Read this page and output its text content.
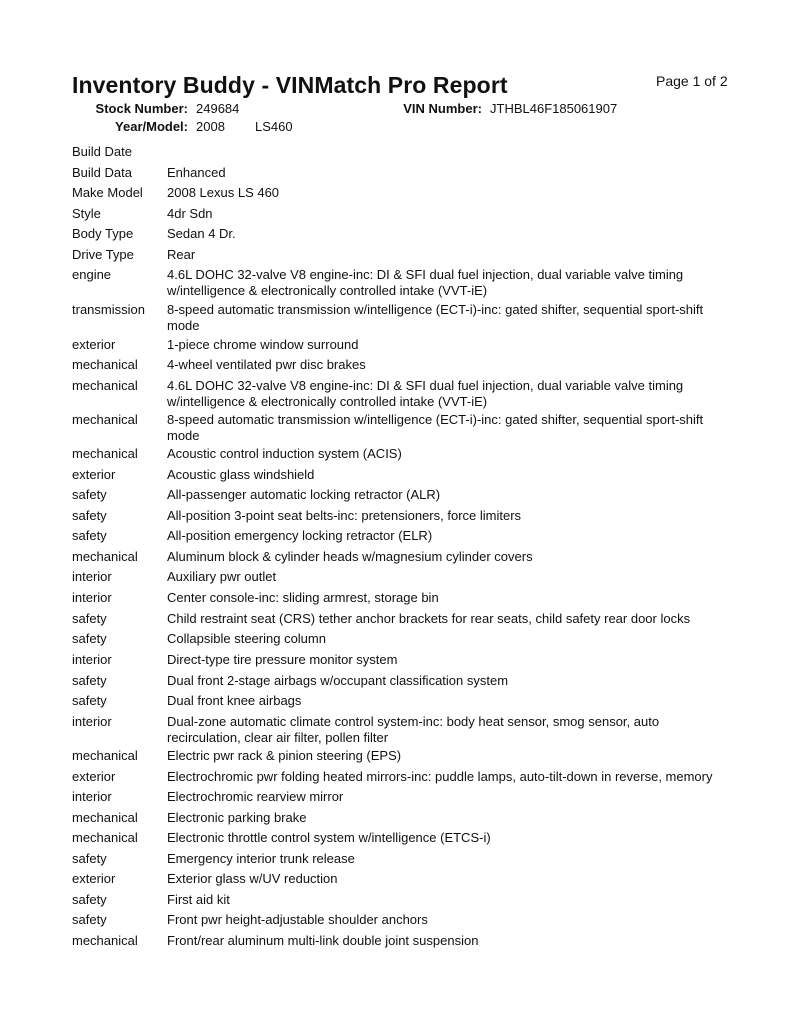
Inventory Buddy - VINMatch Pro Report	Page 1 of 2
Stock Number: 249684	VIN Number: JTHBL46F185061907
Year/Model: 2008 LS460
Build Date
Build Data	Enhanced
Make Model	2008 Lexus LS 460
Style	4dr Sdn
Body Type	Sedan 4 Dr.
Drive Type	Rear
engine	4.6L DOHC 32-valve V8 engine-inc: DI & SFI dual fuel injection, dual variable valve timing w/intelligence & electronically controlled intake (VVT-iE)
transmission	8-speed automatic transmission w/intelligence (ECT-i)-inc: gated shifter, sequential sport-shift mode
exterior	1-piece chrome window surround
mechanical	4-wheel ventilated pwr disc brakes
mechanical	4.6L DOHC 32-valve V8 engine-inc: DI & SFI dual fuel injection, dual variable valve timing w/intelligence & electronically controlled intake (VVT-iE)
mechanical	8-speed automatic transmission w/intelligence (ECT-i)-inc: gated shifter, sequential sport-shift mode
mechanical	Acoustic control induction system (ACIS)
exterior	Acoustic glass windshield
safety	All-passenger automatic locking retractor (ALR)
safety	All-position 3-point seat belts-inc: pretensioners, force limiters
safety	All-position emergency locking retractor (ELR)
mechanical	Aluminum block & cylinder heads w/magnesium cylinder covers
interior	Auxiliary pwr outlet
interior	Center console-inc: sliding armrest, storage bin
safety	Child restraint seat (CRS) tether anchor brackets for rear seats, child safety rear door locks
safety	Collapsible steering column
interior	Direct-type tire pressure monitor system
safety	Dual front 2-stage airbags w/occupant classification system
safety	Dual front knee airbags
interior	Dual-zone automatic climate control system-inc: body heat sensor, smog sensor, auto recirculation, clear air filter, pollen filter
mechanical	Electric pwr rack & pinion steering (EPS)
exterior	Electrochromic pwr folding heated mirrors-inc: puddle lamps, auto-tilt-down in reverse, memory
interior	Electrochromic rearview mirror
mechanical	Electronic parking brake
mechanical	Electronic throttle control system w/intelligence (ETCS-i)
safety	Emergency interior trunk release
exterior	Exterior glass w/UV reduction
safety	First aid kit
safety	Front pwr height-adjustable shoulder anchors
mechanical	Front/rear aluminum multi-link double joint suspension
